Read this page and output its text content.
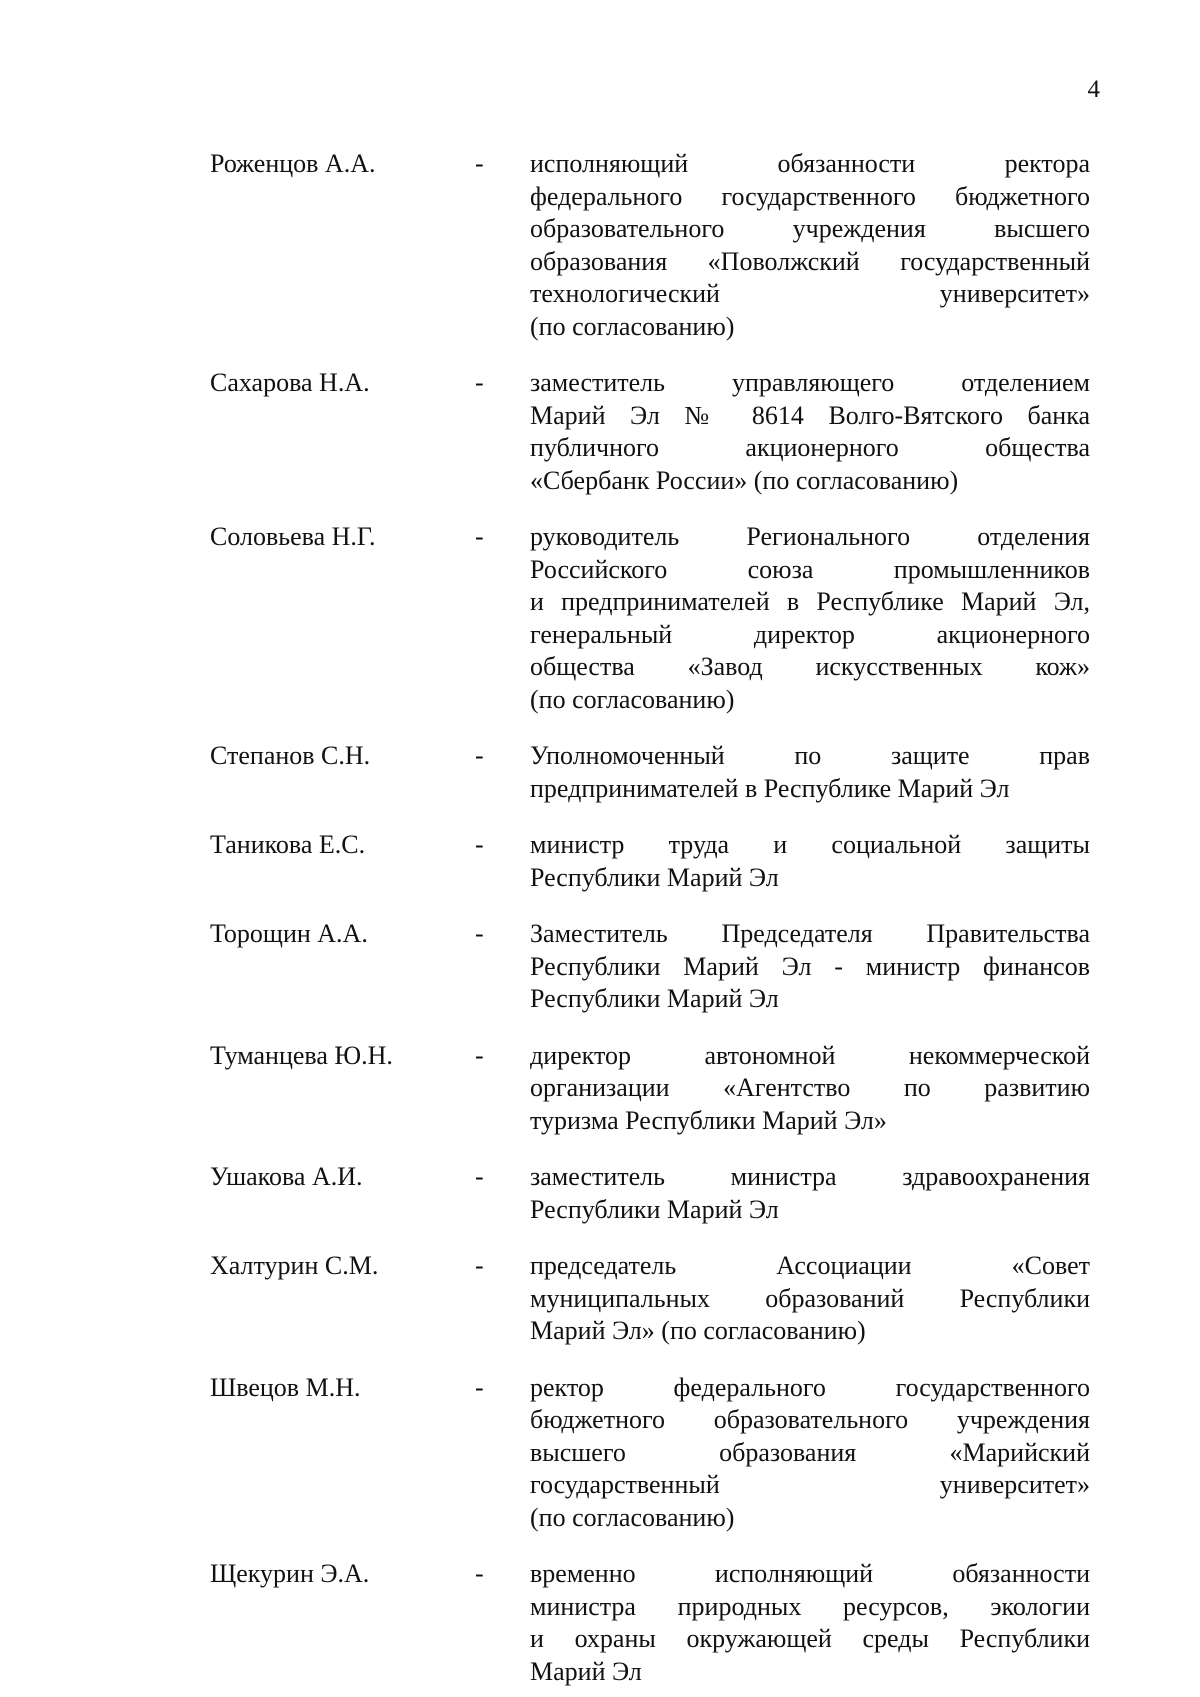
4
Роженцов А.А.	-	исполняющий обязанности ректора
федерального государственного бюджетного
образовательного учреждения высшего
образования «Поволжский государственный
технологический университет»
(по согласованию)
Сахарова Н.А.	-	заместитель управляющего отделением
Марий Эл № 8614 Волго-Вятского банка
публичного акционерного общества
«Сбербанк России» (по согласованию)
Соловьева Н.Г.	-	руководитель Регионального отделения
Российского союза промышленников
и предпринимателей в Республике Марий Эл,
генеральный директор акционерного
общества «Завод искусственных кож»
(по согласованию)
Степанов С.Н.	-	Уполномоченный по защите прав
предпринимателей в Республике Марий Эл
Таникова Е.С.	-	министр труда и социальной защиты
Республики Марий Эл
Торощин А.А.	-	Заместитель Председателя Правительства
Республики Марий Эл - министр финансов
Республики Марий Эл
Туманцева Ю.Н.	-	директор автономной некоммерческой
организации «Агентство по развитию
туризма Республики Марий Эл»
Ушакова А.И.	-	заместитель министра здравоохранения
Республики Марий Эл
Халтурин С.М.	-	председатель Ассоциации «Совет
муниципальных образований Республики
Марий Эл» (по согласованию)
Швецов М.Н.	-	ректор федерального государственного
бюджетного образовательного учреждения
высшего образования «Марийский
государственный университет»
(по согласованию)
Щекурин Э.А.	-	временно исполняющий обязанности
министра природных ресурсов, экологии
и охраны окружающей среды Республики
Марий Эл
